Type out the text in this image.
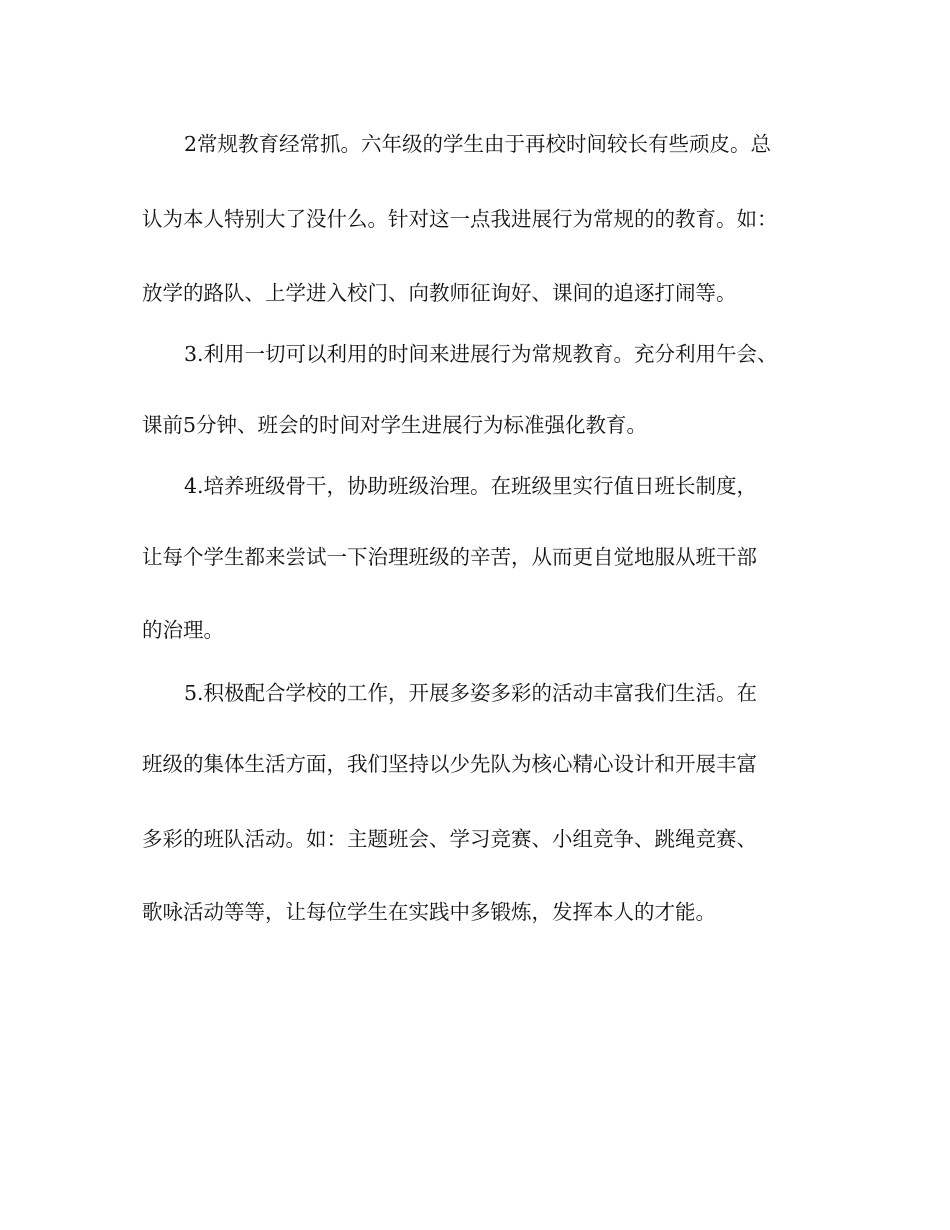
2常规教育经常抓。六年级的学生由于再校时间较长有些顽皮。总
认为本人特别大了没什么。针对这一点我进展行为常规的的教育。如：
放学的路队、上学进入校门、向教师征询好、课间的追逐打闹等。
3.利用一切可以利用的时间来进展行为常规教育。充分利用午会、
课前5分钟、班会的时间对学生进展行为标准强化教育。
4.培养班级骨干，协助班级治理。在班级里实行值日班长制度，
让每个学生都来尝试一下治理班级的辛苦，从而更自觉地服从班干部
的治理。
5.积极配合学校的工作，开展多姿多彩的活动丰富我们生活。在
班级的集体生活方面，我们坚持以少先队为核心精心设计和开展丰富
多彩的班队活动。如：主题班会、学习竞赛、小组竞争、跳绳竞赛、
歌咏活动等等，让每位学生在实践中多锻炼，发挥本人的才能。
